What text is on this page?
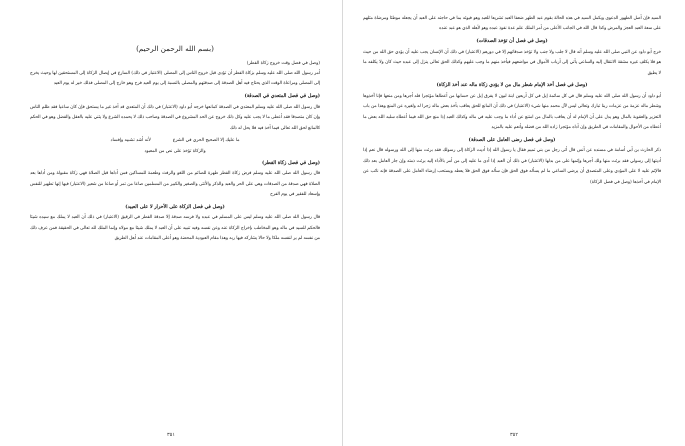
(بسم الله الرحمن الرحيم)
(وصل في فصل وقت خروج زكاة الفطر)

أمر رسول الله صلى الله عليه وسلم بزكاة الفطر أن تؤدى قبل خروج الناس إلى المصلى (الاعتبار في ذلك) السارع في إيصال الزكاة إلى المستحقين لها وحيث يخرج إلى المصلى ومراعاة الوقت الذي يحتاج فيه أهل الصدقة إلى صدقتهم والمصلى بالنسبة إلى يوم العيد فرح وهو خارج إلى المصلى فذلك خير له يوم العيد

(وصل في فصل المتعدي في الصدقة)

قال رسول الله صلى الله عليه وسلم المعتدي في الصدقة كمانعها خرجه أبو داود (الاعتبار) في ذلك أن المتعدي قد أخذ غير ما يستحق فإن كان ساعيا فقد ظلم الناس وإن كان متصدقا فقد أعطى ما لا يجب عليه وكل ذلك خروج عن الحد المشروع في الصدقة وصاحب ذلك لا يحمده الشرع ولا يثني عليه بالعقل والفضل وهو في الحكم كالمانع لحق الله تعالى فيما أخذ فيه فلا يحل له ذلك

ما عليك إلا الصحيح الحري في الشرع
لأنه أشد تشبيه وإفساد
والزكاة تؤخذ على نص من المعبود
(وصل في فصل زكاة الفطر)

قال رسول الله صلى الله عليه وسلم فرض زكاة الفطر طهرة للصائم من اللغو والرفث وطعمة للمساكين فمن أداها قبل الصلاة فهي زكاة مقبولة ومن أداها بعد الصلاة فهي صدقة من الصدقات وهي على الحر والعبد والذكر والأنثى والصغير والكبير من المسلمين صاعا من تمر أو صاعا من شعير (الاعتبار) فيها إنها تطهير للنفس وإسعاد للفقير في يوم الفرح

(وصل في فصل الزكاة على الأحرار لا على العبيد)

قال رسول الله صلى الله عليه وسلم ليس على المسلم في عبده ولا فرسه صدقة إلا صدقة الفطر في الرقيق (الاعتبار) في ذلك أن العبد لا يملك مع سيده شيئا فالحكم للسيد في ماله وهو المخاطب بإخراج الزكاة عنه وعن نفسه وفيه تنبيه على أن العبد لا يملك شيئا مع مولاه وإنما الملك لله تعالى في الحقيقة فمن عرف ذلك من نفسه لم ير لنفسه ملكا ولا حالا يشاركه فيها ربه وهذا مقام العبودية المحضة وهو أعلى المقامات عند أهل الطريق

٣٥١

السيد فإن أصل الطهور الدعوى ويكمل السيد في هذه الحالة بقوم عبد الطهر ضعفا العبد تشريعا للعبد وهو فيوئه بما في حاجته على العبد أن يجعله موطئا ومرضاة مثلهم على سعة العبد العجز والمرض وكذا قال الله في الجانب الأعلى من أمر الملك علم عدة نفوذ عبده وهو لأهله الذي هو عبد عنده

(وصل في فصل أن تؤخذ الصدقات)

خرج أبو داود عن النبي صلى الله عليه وسلم أنه قال لا جلب ولا جنب ولا تؤخذ صدقاتهم إلا في دورهم (الاعتبار) في ذلك أن الإنسان يجب عليه أن يؤدي حق الله من حيث هو فلا يكلف غيره مشقة الانتقال إليه والساعي يأتي إلى أرباب الأموال في مواضعهم فيأخذ منهم ما وجب عليهم وكذلك الحق تعالى ينزل إلى عبده حيث كان ولا يكلفه ما لا يطيق

(وصل في فصل أخذ الإمام شطر مال من لا يؤدي زكاة ماله عند أخذ الزكاة)

أبو داود أن رسول الله صلى الله عليه وسلم قال في كل سائمة إبل في كل أربعين ابنة لبون لا يفرق إبل عن حسابها من أعطاها مؤتجرا فله أجرها ومن منعها فإنا آخذوها وشطر ماله عزمة من عزمات ربنا تبارك وتعالى ليس لآل محمد منها شيء (الاعتبار) في ذلك أن المانع للحق يعاقب بأخذ بعض ماله زجرا له ولغيره عن المنع وهذا من باب التعزير والعقوبة بالمال وهو يدل على أن الإمام له أن يعاقب بالمال من امتنع عن أداء ما وجب عليه في ماله وكذلك العبد إذا منع حق الله فيما أعطاه سلبه الله بعض ما أعطاه من الأحوال والمقامات في الطريق وإن أداه مؤتجرا زاده الله من فضله وأنعم عليه بالمزيد

(وصل في فصل رضى العامل على الصدقة)

ذكر الحارث بن أبي أسامة في مسنده عن أنس قال أتى رجل من بني تميم فقال يا رسول الله إذا أديت الزكاة إلى رسولك فقد برئت منها إلى الله ورسوله قال نعم إذا أديتها إلى رسولي فقد برئت منها ولك أجرها وإثمها على من بدلها (الاعتبار) في ذلك أن العبد إذا أدى ما عليه إلى من أمر بالأداء إليه برئت ذمته وإن جار العامل بعد ذلك فالإثم عليه لا على المؤدي وعلى المتصدق أن يرضي الساعي ما لم يسأله فوق الحق فإن سأله فوق الحق فلا يعطه ويستحب إرضاء العامل على الصدقة فإنه نائب عن الإمام في أخذها (وصل في فصل الزكاة)

٣٥٢
